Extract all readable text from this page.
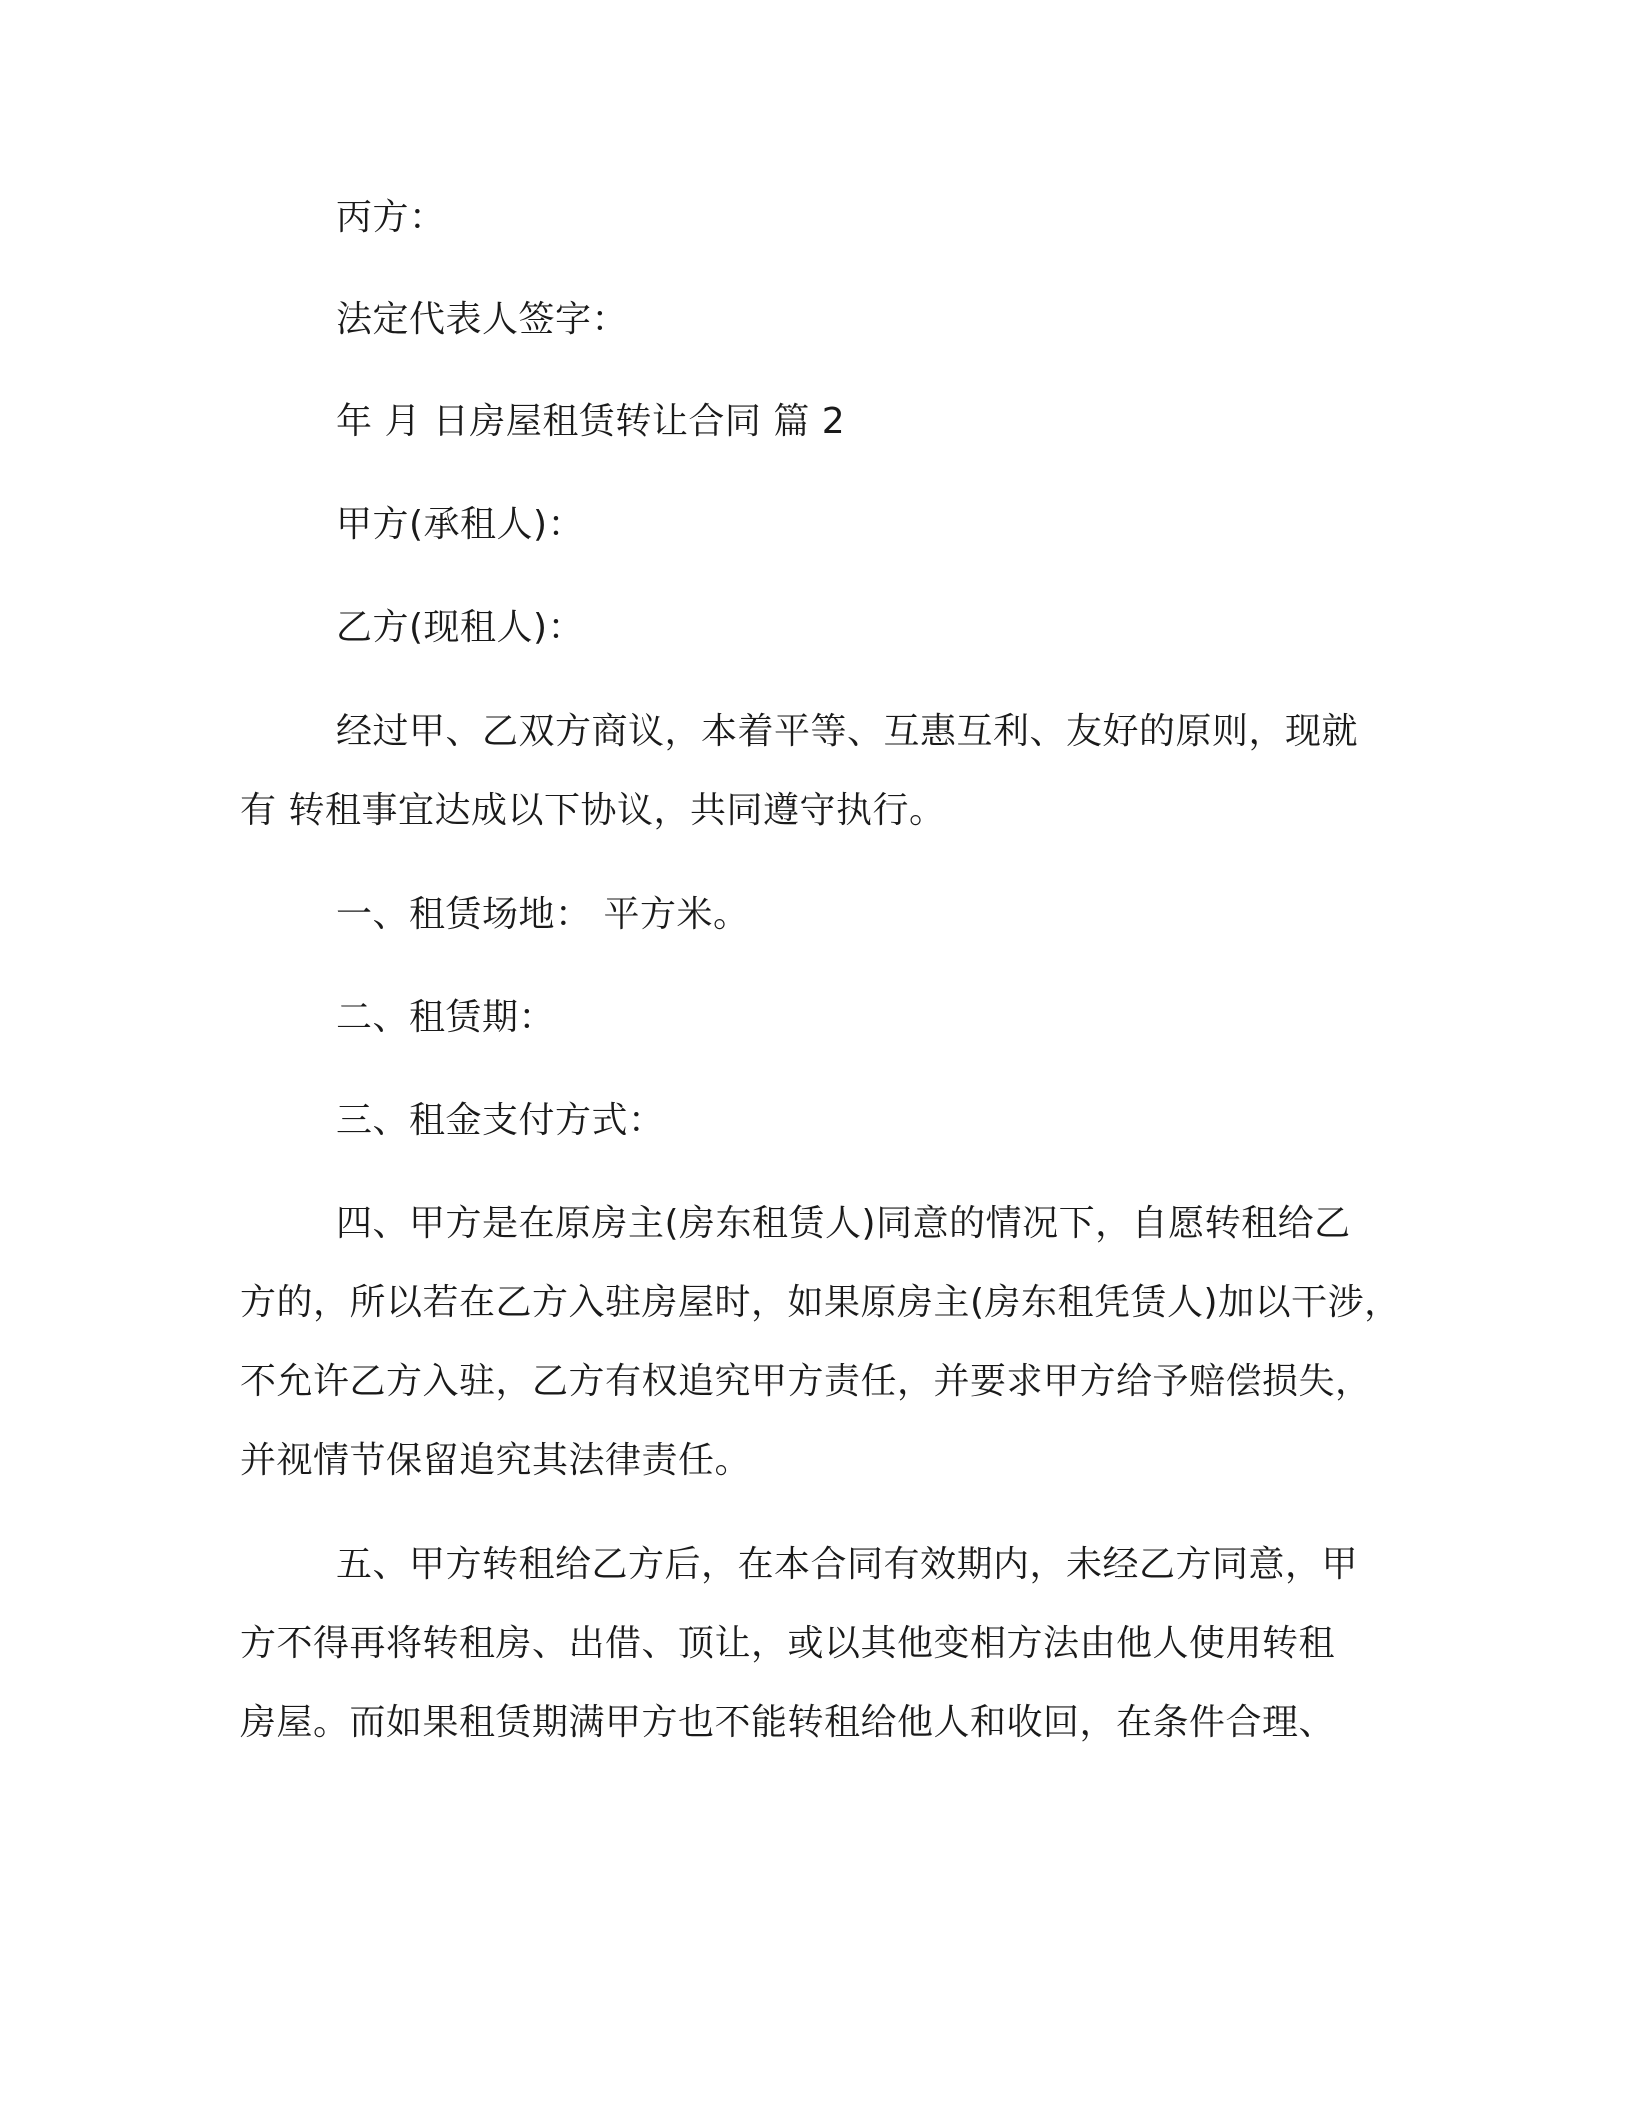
丙方：
法定代表人签字：
年 月 日房屋租赁转让合同 篇 2
甲方(承租人)：
乙方(现租人)：
经过甲、乙双方商议，本着平等、互惠互利、友好的原则，现就
有 转租事宜达成以下协议，共同遵守执行。
一、租赁场地： 平方米。
二、租赁期：
三、租金支付方式：
四、甲方是在原房主(房东租赁人)同意的情况下，自愿转租给乙
方的，所以若在乙方入驻房屋时，如果原房主(房东租凭赁人)加以干涉，
不允许乙方入驻，乙方有权追究甲方责任，并要求甲方给予赔偿损失，
并视情节保留追究其法律责任。
五、甲方转租给乙方后，在本合同有效期内，未经乙方同意，甲
方不得再将转租房、出借、顶让，或以其他变相方法由他人使用转租
房屋。而如果租赁期满甲方也不能转租给他人和收回，在条件合理、
